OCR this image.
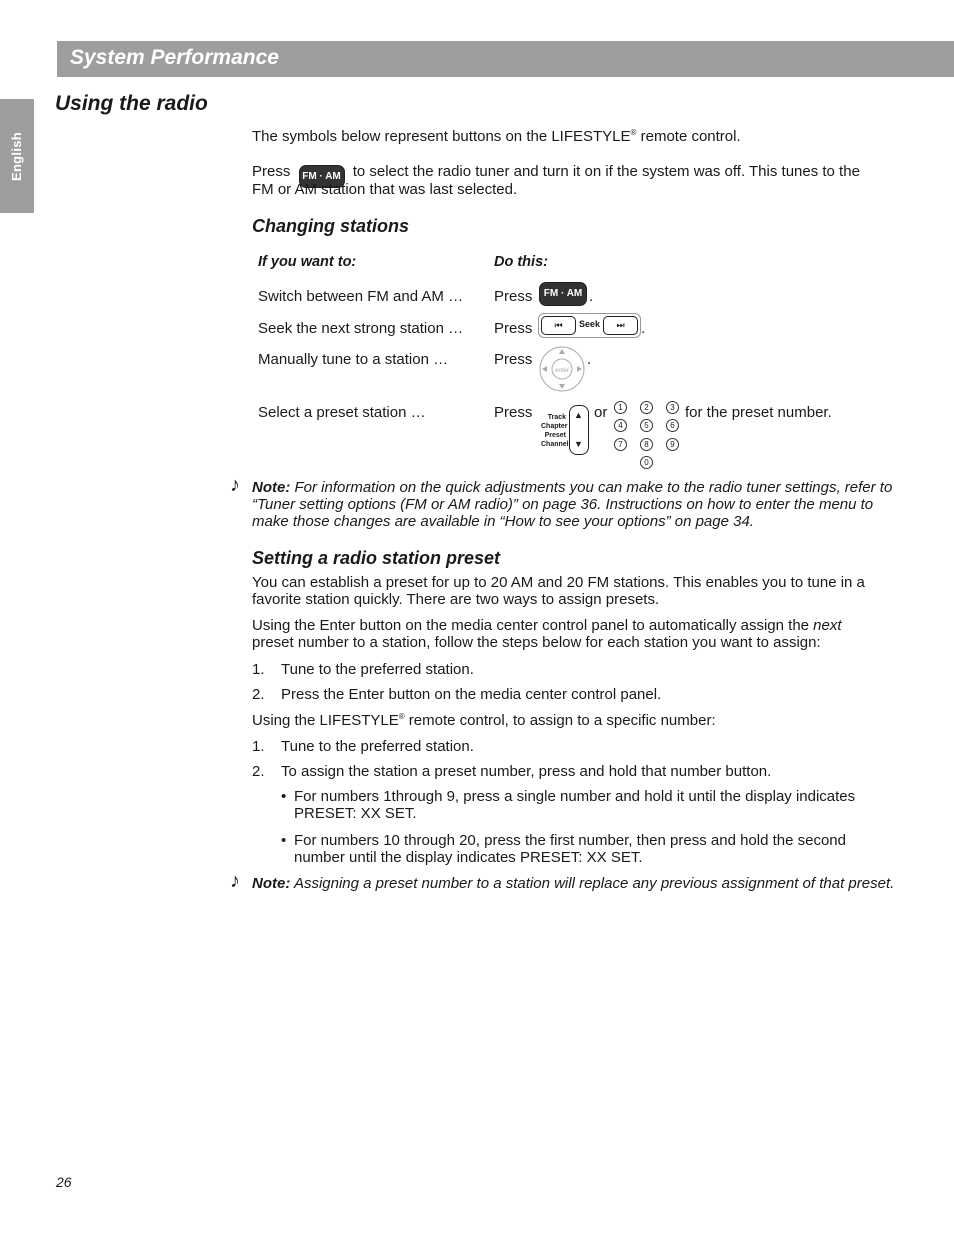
System Performance
English
Using the radio
The symbols below represent buttons on the LIFESTYLE® remote control.
Press FM · AM to select the radio tuner and turn it on if the system was off. This tunes to the
FM or AM station that was last selected.
Changing stations
If you want to:	Do this:
Switch between FM and AM … Press	FM · AM .
Seek the next strong station … Press	⏮	Seek	⏭	.
Manually tune to a station …	Press
enter
.
Select a preset station …	Press	Track
Chapter
Preset
Channel
▲
▼
or	1	2	3
4	5	6
7	8	9
0
for the preset number.
♪ Note: For information on the quick adjustments you can make to the radio tuner settings, refer to
“Tuner setting options (FM or AM radio)” on page 36. Instructions on how to enter the menu to
make those changes are available in “How to see your options” on page 34.
Setting a radio station preset
You can establish a preset for up to 20 AM and 20 FM stations. This enables you to tune in a
favorite station quickly. There are two ways to assign presets.
Using the Enter button on the media center control panel to automatically assign the next
preset number to a station, follow the steps below for each station you want to assign:
1. Tune to the preferred station.
2. Press the Enter button on the media center control panel.
Using the LIFESTYLE® remote control, to assign to a specific number:
1. Tune to the preferred station.
2. To assign the station a preset number, press and hold that number button.
• For numbers 1through 9, press a single number and hold it until the display indicates
PRESET: XX SET.
• For numbers 10 through 20, press the first number, then press and hold the second
number until the display indicates PRESET: XX SET.
♪ Note: Assigning a preset number to a station will replace any previous assignment of that preset.
26
